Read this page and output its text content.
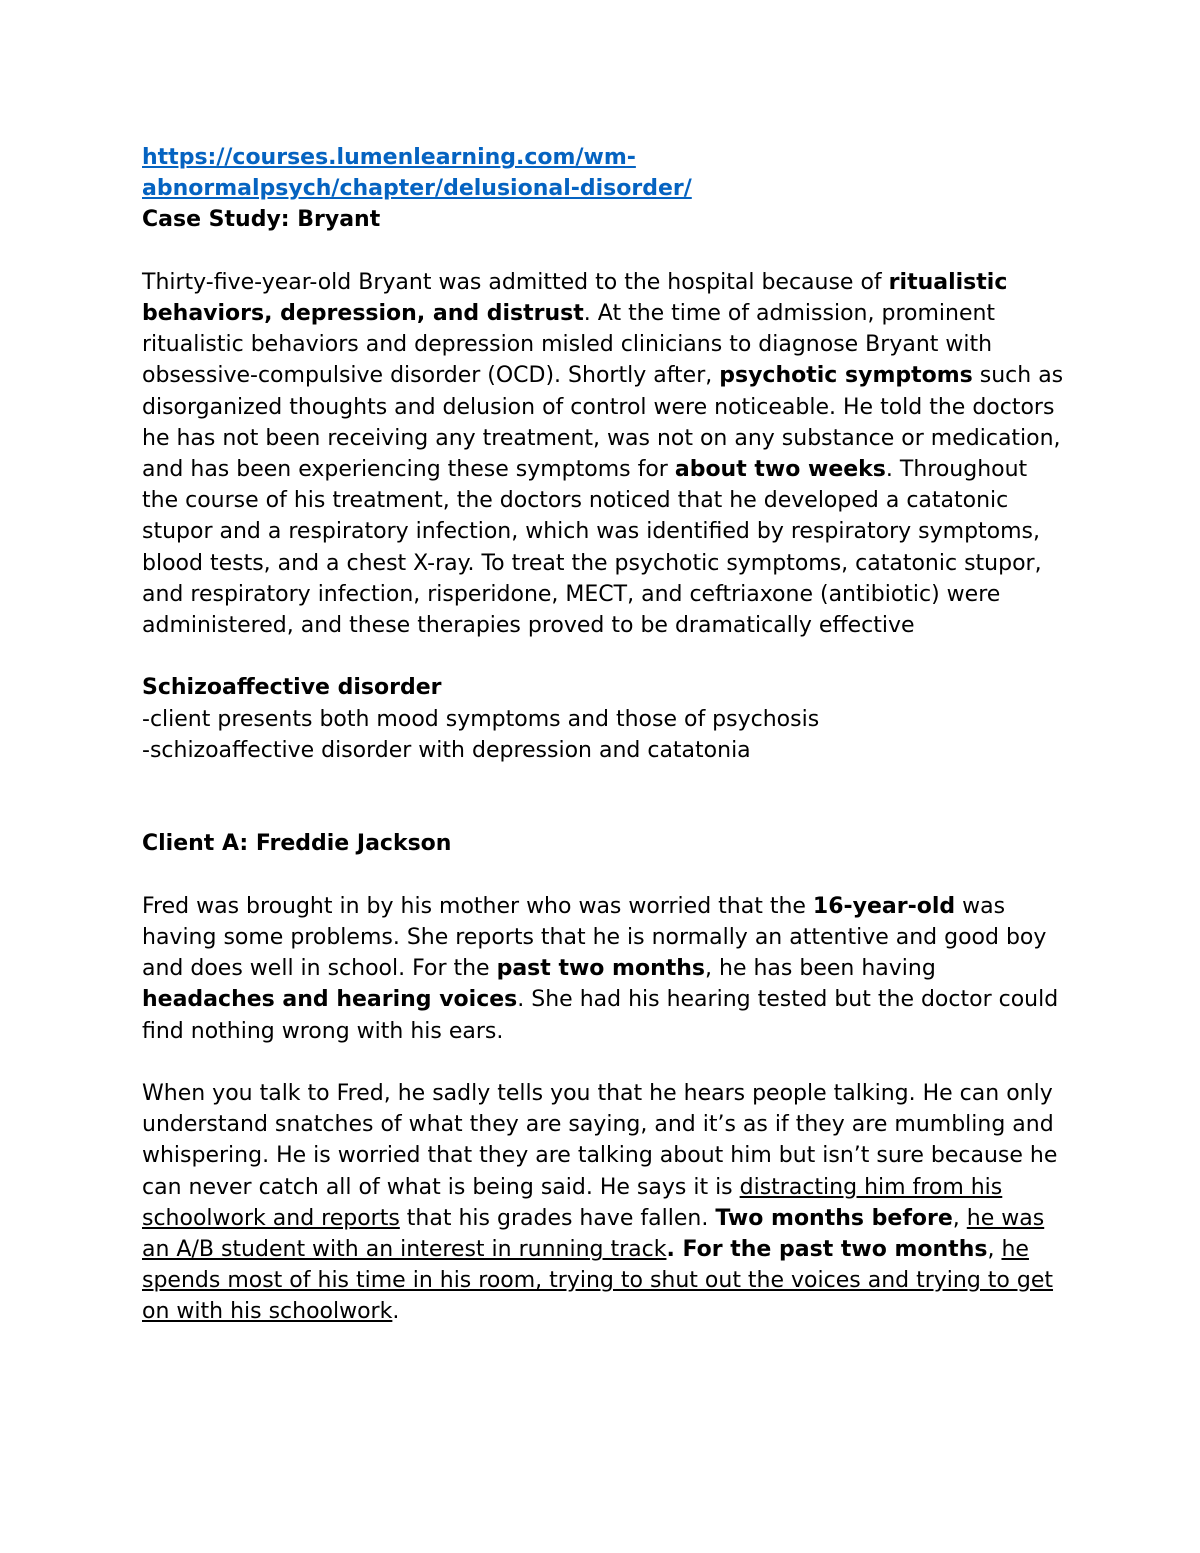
https://courses.lumenlearning.com/wm-
abnormalpsych/chapter/delusional-disorder/

Case Study: Bryant

Thirty-five-year-old Bryant was admitted to the hospital because of ritualistic behaviors, depression, and distrust. At the time of admission, prominent ritualistic behaviors and depression misled clinicians to diagnose Bryant with obsessive-compulsive disorder (OCD). Shortly after, psychotic symptoms such as disorganized thoughts and delusion of control were noticeable. He told the doctors he has not been receiving any treatment, was not on any substance or medication, and has been experiencing these symptoms for about two weeks. Throughout the course of his treatment, the doctors noticed that he developed a catatonic stupor and a respiratory infection, which was identified by respiratory symptoms, blood tests, and a chest X-ray. To treat the psychotic symptoms, catatonic stupor, and respiratory infection, risperidone, MECT, and ceftriaxone (antibiotic) were administered, and these therapies proved to be dramatically effective

Schizoaffective disorder

-client presents both mood symptoms and those of psychosis

-schizoaffective disorder with depression and catatonia

Client A: Freddie Jackson

Fred was brought in by his mother who was worried that the 16-year-old was having some problems. She reports that he is normally an attentive and good boy and does well in school. For the past two months, he has been having headaches and hearing voices. She had his hearing tested but the doctor could find nothing wrong with his ears.

When you talk to Fred, he sadly tells you that he hears people talking. He can only understand snatches of what they are saying, and it’s as if they are mumbling and whispering. He is worried that they are talking about him but isn’t sure because he can never catch all of what is being said. He says it is distracting him from his schoolwork and reports that his grades have fallen. Two months before, he was an A/B student with an interest in running track. For the past two months, he spends most of his time in his room, trying to shut out the voices and trying to get on with his schoolwork.
